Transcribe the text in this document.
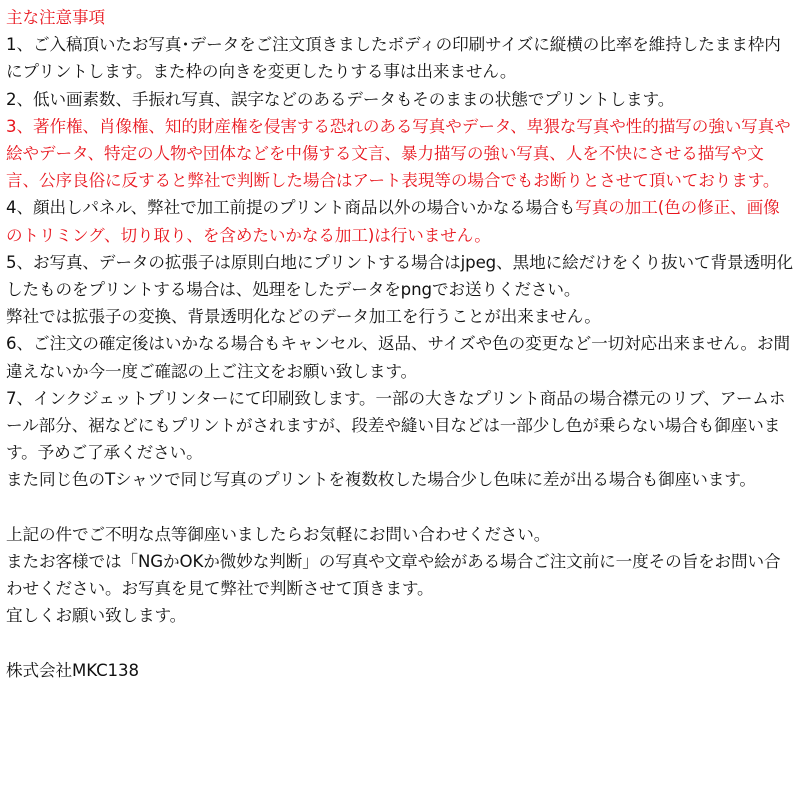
主な注意事項

1、ご入稿頂いたお写真･データをご注文頂きましたボディの印刷サイズに縦横の比率を維持したまま枠内にプリントします。また枠の向きを変更したりする事は出来ません。

2、低い画素数、手振れ写真、誤字などのあるデータもそのままの状態でプリントします。

3、著作権、肖像権、知的財産権を侵害する恐れのある写真やデータ、卑猥な写真や性的描写の強い写真や絵やデータ、特定の人物や団体などを中傷する文言、暴力描写の強い写真、人を不快にさせる描写や文言、公序良俗に反すると弊社で判断した場合はアート表現等の場合でもお断りとさせて頂いております。

4、顔出しパネル、弊社で加工前提のプリント商品以外の場合いかなる場合も写真の加工(色の修正、画像のトリミング、切り取り、を含めたいかなる加工)は行いません。

5、お写真、データの拡張子は原則白地にプリントする場合はjpeg、黒地に絵だけをくり抜いて背景透明化したものをプリントする場合は、処理をしたデータをpngでお送りください。

弊社では拡張子の変換、背景透明化などのデータ加工を行うことが出来ません。

6、ご注文の確定後はいかなる場合もキャンセル、返品、サイズや色の変更など一切対応出来ません。お間違えないか今一度ご確認の上ご注文をお願い致します。

7、インクジェットプリンターにて印刷致します。一部の大きなプリント商品の場合襟元のリブ、アームホール部分、裾などにもプリントがされますが、段差や縫い目などは一部少し色が乗らない場合も御座います。予めご了承ください。

また同じ色のTシャツで同じ写真のプリントを複数枚した場合少し色味に差が出る場合も御座います。

上記の件でご不明な点等御座いましたらお気軽にお問い合わせください。

またお客様では「NGかOKか微妙な判断」の写真や文章や絵がある場合ご注文前に一度その旨をお問い合わせください。お写真を見て弊社で判断させて頂きます。

宜しくお願い致します。

株式会社MKC138
